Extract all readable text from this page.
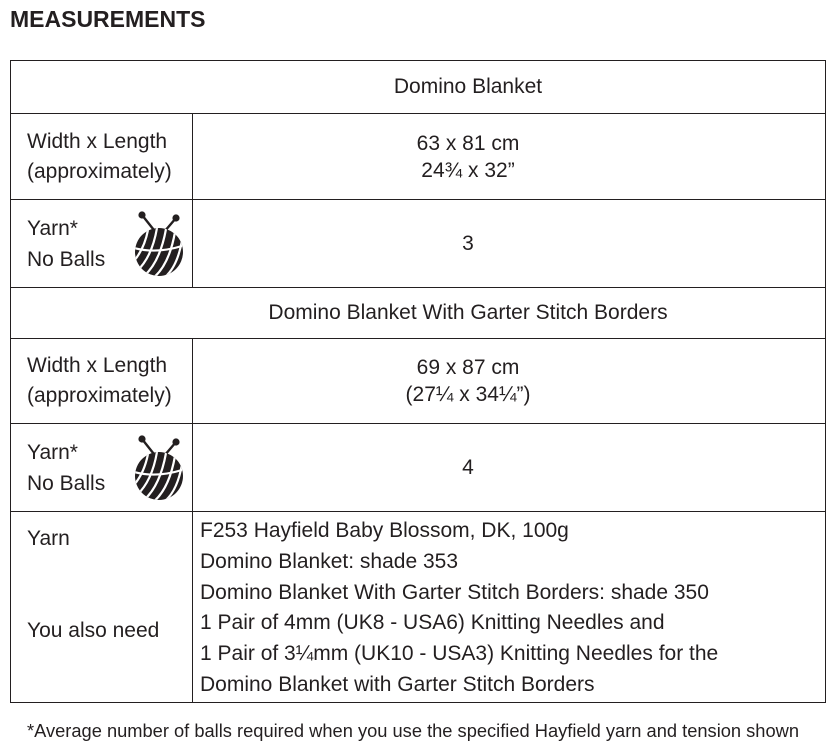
MEASUREMENTS
Domino Blanket
Width x Length
(approximately)
63 x 81 cm
24¾ x 32”
Yarn*
No Balls
3
Domino Blanket With Garter Stitch Borders
Width x Length
(approximately)
69 x 87 cm
(27¼ x 34¼”)
Yarn*
No Balls
4
Yarn
You also need
F253 Hayfield Baby Blossom, DK, 100g
Domino Blanket: shade 353
Domino Blanket With Garter Stitch Borders: shade 350
1 Pair of 4mm (UK8 - USA6) Knitting Needles and
1 Pair of 3¼mm (UK10 - USA3) Knitting Needles for the
Domino Blanket with Garter Stitch Borders
*Average number of balls required when you use the specified Hayfield yarn and tension shown
